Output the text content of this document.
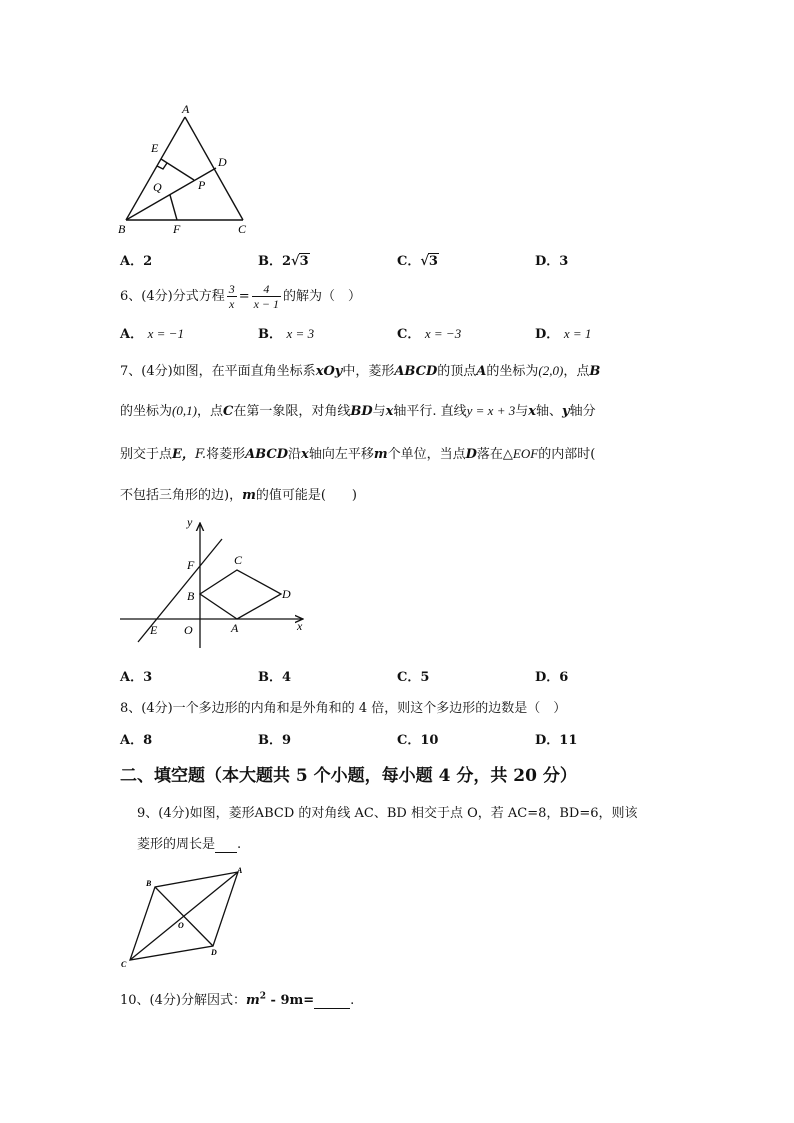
A
E
D
Q	P
B	F	C
A．2	B．2√3	C．√3	D．3
6、(4分)分式方程 $\frac{3}{x} = \frac{4}{x - 1}$ 的解为（　）
A． x = −1	B． x = 3	C． x = −3	D． x = 1
7、(4分)如图，在平面直角坐标系xOy中，菱形ABCD的顶点A的坐标为(2,0)，点B
的坐标为(0,1)，点C在第一象限，对角线BD与x轴平行. 直线y = x + 3与x轴、y轴分
别交于点E，F.将菱形ABCD沿x轴向左平移m个单位，当点D落在△EOF的内部时(
不包括三角形的边)，m的值可能是(　　)
y
x
F	C
B	D
E O	A
A．3	B．4	C．5	D．6
8、(4分)一个多边形的内角和是外角和的 4 倍，则这个多边形的边数是（　）
A．8	B．9	C．10	D．11
二、填空题（本大题共 5 个小题，每小题 4 分，共 20 分）
9、(4分)如图，菱形ABCD 的对角线 AC、BD 相交于点 O，若 AC=8，BD=6，则该
菱形的周长是 .
A
B
C
D
O
10、(4分)分解因式：$m^2 - 9m=$	.
